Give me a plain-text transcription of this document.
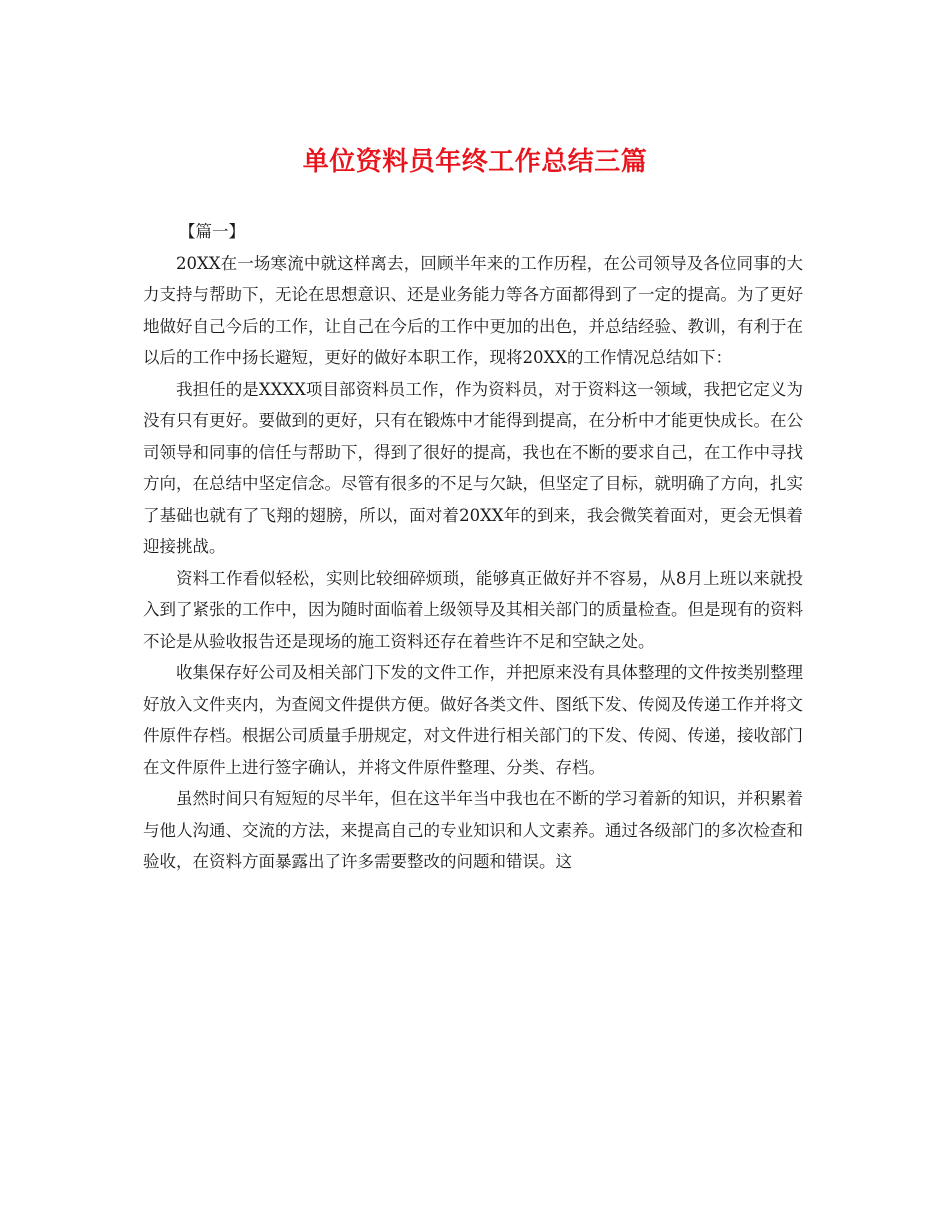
单位资料员年终工作总结三篇

【篇一】

20XX在一场寒流中就这样离去，回顾半年来的工作历程，在公司领导及各位同事的大力支持与帮助下，无论在思想意识、还是业务能力等各方面都得到了一定的提高。为了更好地做好自己今后的工作，让自己在今后的工作中更加的出色，并总结经验、教训，有利于在以后的工作中扬长避短，更好的做好本职工作，现将20XX的工作情况总结如下：

我担任的是XXXX项目部资料员工作，作为资料员，对于资料这一领域，我把它定义为没有只有更好。要做到的更好，只有在锻炼中才能得到提高，在分析中才能更快成长。在公司领导和同事的信任与帮助下，得到了很好的提高，我也在不断的要求自己，在工作中寻找方向，在总结中坚定信念。尽管有很多的不足与欠缺，但坚定了目标，就明确了方向，扎实了基础也就有了飞翔的翅膀，所以，面对着20XX年的到来，我会微笑着面对，更会无惧着迎接挑战。

资料工作看似轻松，实则比较细碎烦琐，能够真正做好并不容易，从8月上班以来就投入到了紧张的工作中，因为随时面临着上级领导及其相关部门的质量检查。但是现有的资料不论是从验收报告还是现场的施工资料还存在着些许不足和空缺之处。

收集保存好公司及相关部门下发的文件工作，并把原来没有具体整理的文件按类别整理好放入文件夹内，为查阅文件提供方便。做好各类文件、图纸下发、传阅及传递工作并将文件原件存档。根据公司质量手册规定，对文件进行相关部门的下发、传阅、传递，接收部门在文件原件上进行签字确认，并将文件原件整理、分类、存档。

虽然时间只有短短的尽半年，但在这半年当中我也在不断的学习着新的知识，并积累着与他人沟通、交流的方法，来提高自己的专业知识和人文素养。通过各级部门的多次检查和验收，在资料方面暴露出了许多需要整改的问题和错误。这
